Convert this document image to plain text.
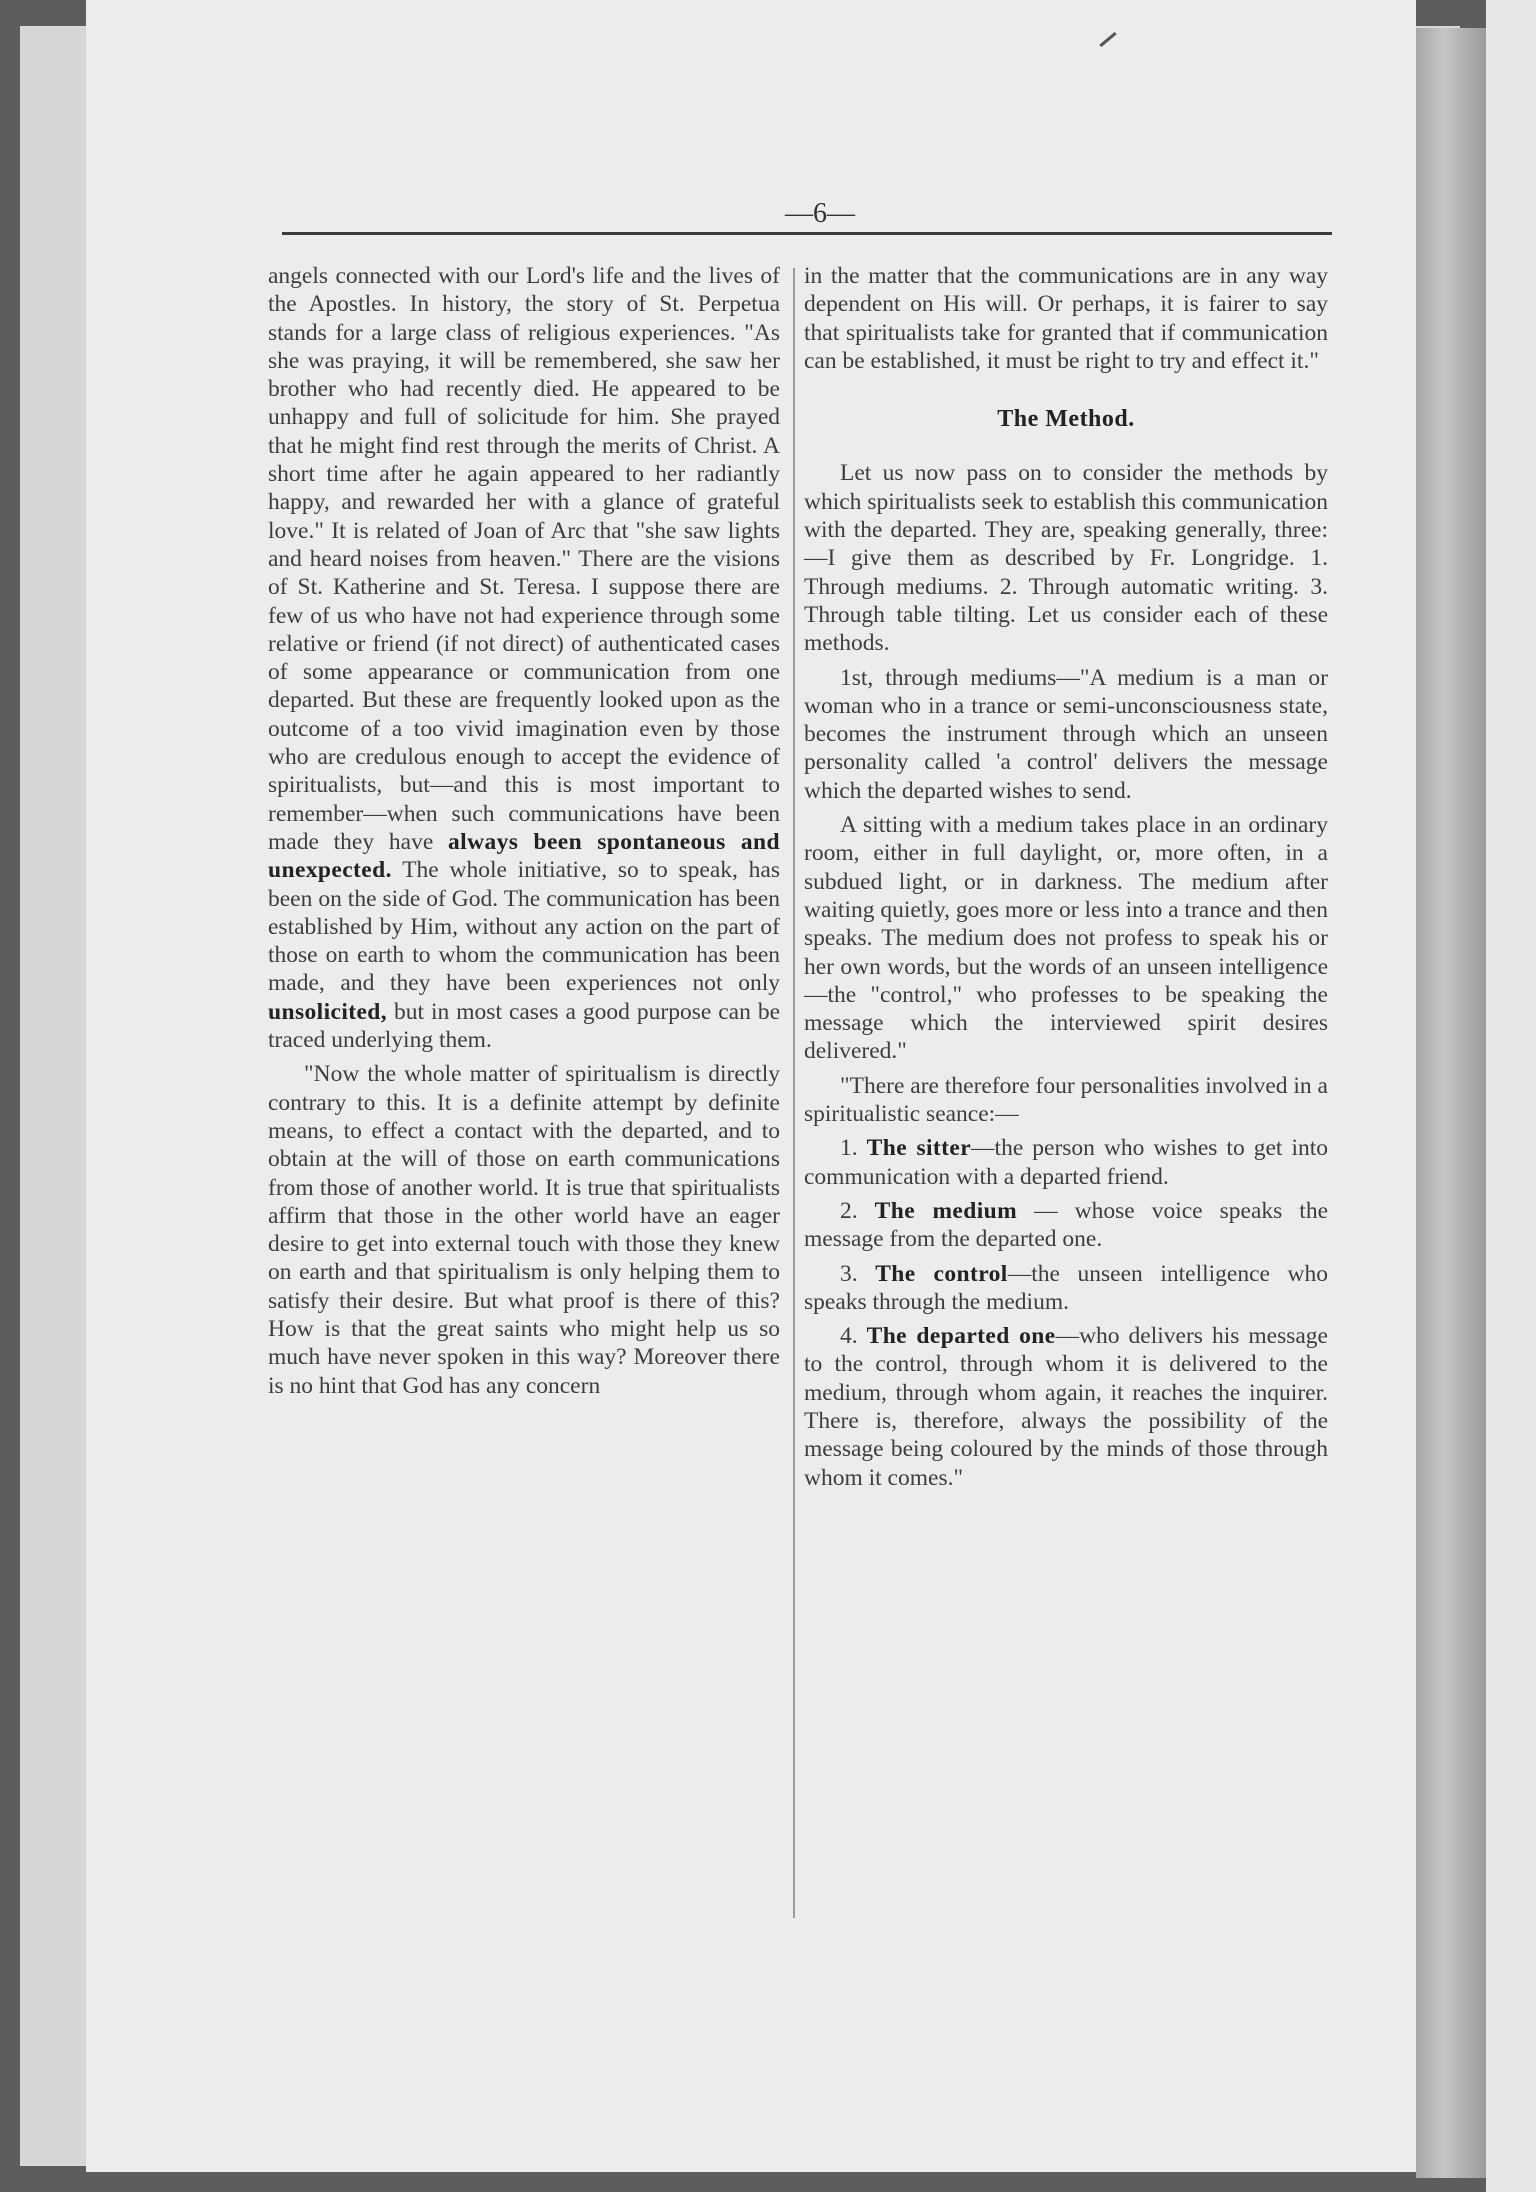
—6—

angels connected with our Lord's life and the lives of the Apostles. In history, the story of St. Perpetua stands for a large class of religious experiences. "As she was praying, it will be remembered, she saw her brother who had recently died. He appeared to be unhappy and full of solicitude for him. She prayed that he might find rest through the merits of Christ. A short time after he again appeared to her radiantly happy, and rewarded her with a glance of grateful love." It is related of Joan of Arc that "she saw lights and heard noises from heaven." There are the visions of St. Katherine and St. Teresa. I suppose there are few of us who have not had experience through some relative or friend (if not direct) of authenticated cases of some appearance or communication from one departed. But these are frequently looked upon as the outcome of a too vivid imagination even by those who are credulous enough to accept the evidence of spiritualists, but—and this is most important to remember—when such communications have been made they have always been spontaneous and unexpected. The whole initiative, so to speak, has been on the side of God. The communication has been established by Him, without any action on the part of those on earth to whom the communication has been made, and they have been experiences not only unsolicited, but in most cases a good purpose can be traced underlying them.

"Now the whole matter of spiritualism is directly contrary to this. It is a definite attempt by definite means, to effect a contact with the departed, and to obtain at the will of those on earth communications from those of another world. It is true that spiritualists affirm that those in the other world have an eager desire to get into external touch with those they knew on earth and that spiritualism is only helping them to satisfy their desire. But what proof is there of this? How is that the great saints who might help us so much have never spoken in this way? Moreover there is no hint that God has any concern

in the matter that the communications are in any way dependent on His will. Or perhaps, it is fairer to say that spiritualists take for granted that if communication can be established, it must be right to try and effect it."

The Method.

Let us now pass on to consider the methods by which spiritualists seek to establish this communication with the departed. They are, speaking generally, three:—I give them as described by Fr. Longridge. 1. Through mediums. 2. Through automatic writing. 3. Through table tilting. Let us consider each of these methods.

1st, through mediums—"A medium is a man or woman who in a trance or semi-unconsciousness state, becomes the instrument through which an unseen personality called 'a control' delivers the message which the departed wishes to send.

A sitting with a medium takes place in an ordinary room, either in full daylight, or, more often, in a subdued light, or in darkness. The medium after waiting quietly, goes more or less into a trance and then speaks. The medium does not profess to speak his or her own words, but the words of an unseen intelligence—the "control," who professes to be speaking the message which the interviewed spirit desires delivered."

"There are therefore four personalities involved in a spiritualistic seance:—

1. The sitter—the person who wishes to get into communication with a departed friend.

2. The medium — whose voice speaks the message from the departed one.

3. The control—the unseen intelligence who speaks through the medium.

4. The departed one—who delivers his message to the control, through whom it is delivered to the medium, through whom again, it reaches the inquirer. There is, therefore, always the possibility of the message being coloured by the minds of those through whom it comes."
